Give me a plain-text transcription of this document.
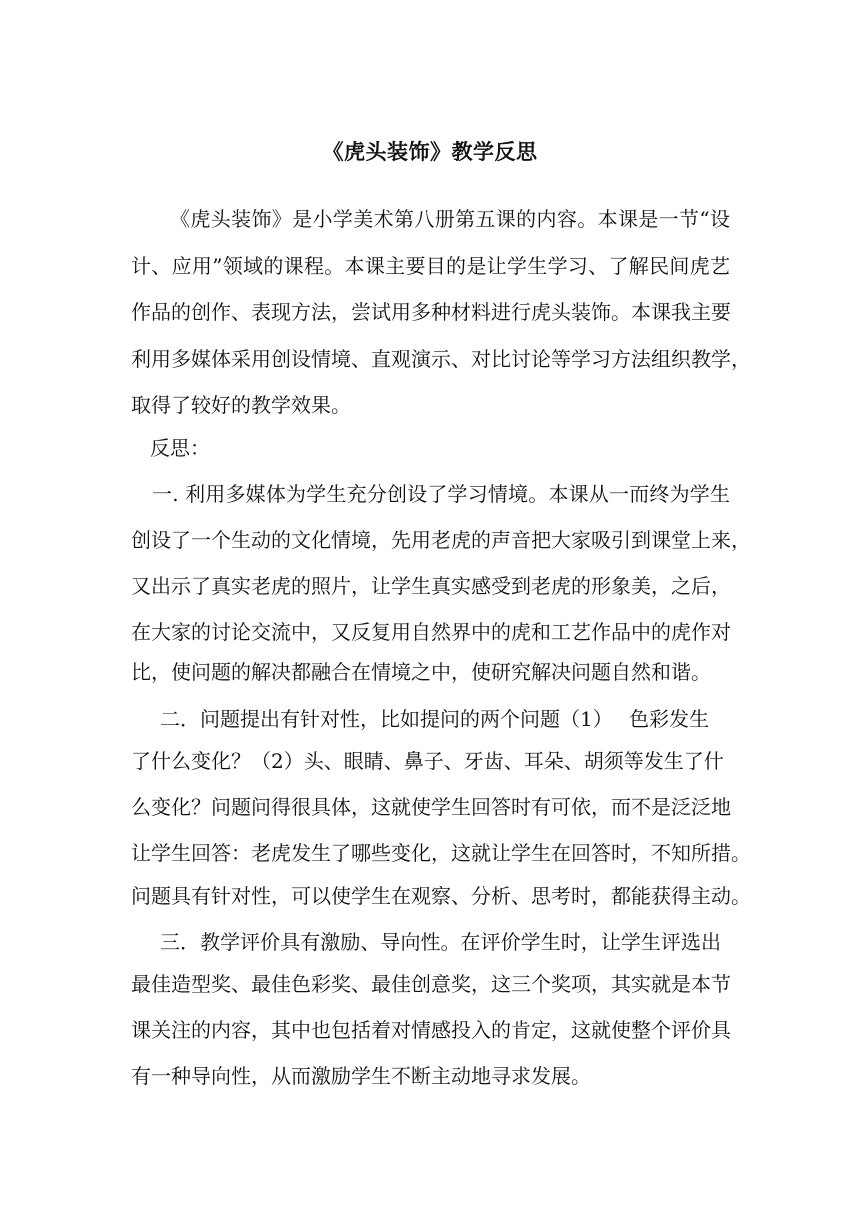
《虎头装饰》教学反思
《虎头装饰》是小学美术第八册第五课的内容。本课是一节“设
计、应用”领域的课程。本课主要目的是让学生学习、了解民间虎艺
作品的创作、表现方法，尝试用多种材料进行虎头装饰。本课我主要
利用多媒体采用创设情境、直观演示、对比讨论等学习方法组织教学，
取得了较好的教学效果。
反思：
一. 利用多媒体为学生充分创设了学习情境。本课从一而终为学生
创设了一个生动的文化情境，先用老虎的声音把大家吸引到课堂上来，
又出示了真实老虎的照片，让学生真实感受到老虎的形象美，之后，
在大家的讨论交流中，又反复用自然界中的虎和工艺作品中的虎作对
比，使问题的解决都融合在情境之中，使研究解决问题自然和谐。
二．问题提出有针对性，比如提问的两个问题（1）　 色彩发生
了什么变化？（2）头、眼睛、鼻子、牙齿、耳朵、胡须等发生了什
么变化？问题问得很具体，这就使学生回答时有可依，而不是泛泛地
让学生回答：老虎发生了哪些变化，这就让学生在回答时，不知所措。
问题具有针对性，可以使学生在观察、分析、思考时，都能获得主动。
三．教学评价具有激励、导向性。在评价学生时，让学生评选出
最佳造型奖、最佳色彩奖、最佳创意奖，这三个奖项，其实就是本节
课关注的内容，其中也包括着对情感投入的肯定，这就使整个评价具
有一种导向性，从而激励学生不断主动地寻求发展。
